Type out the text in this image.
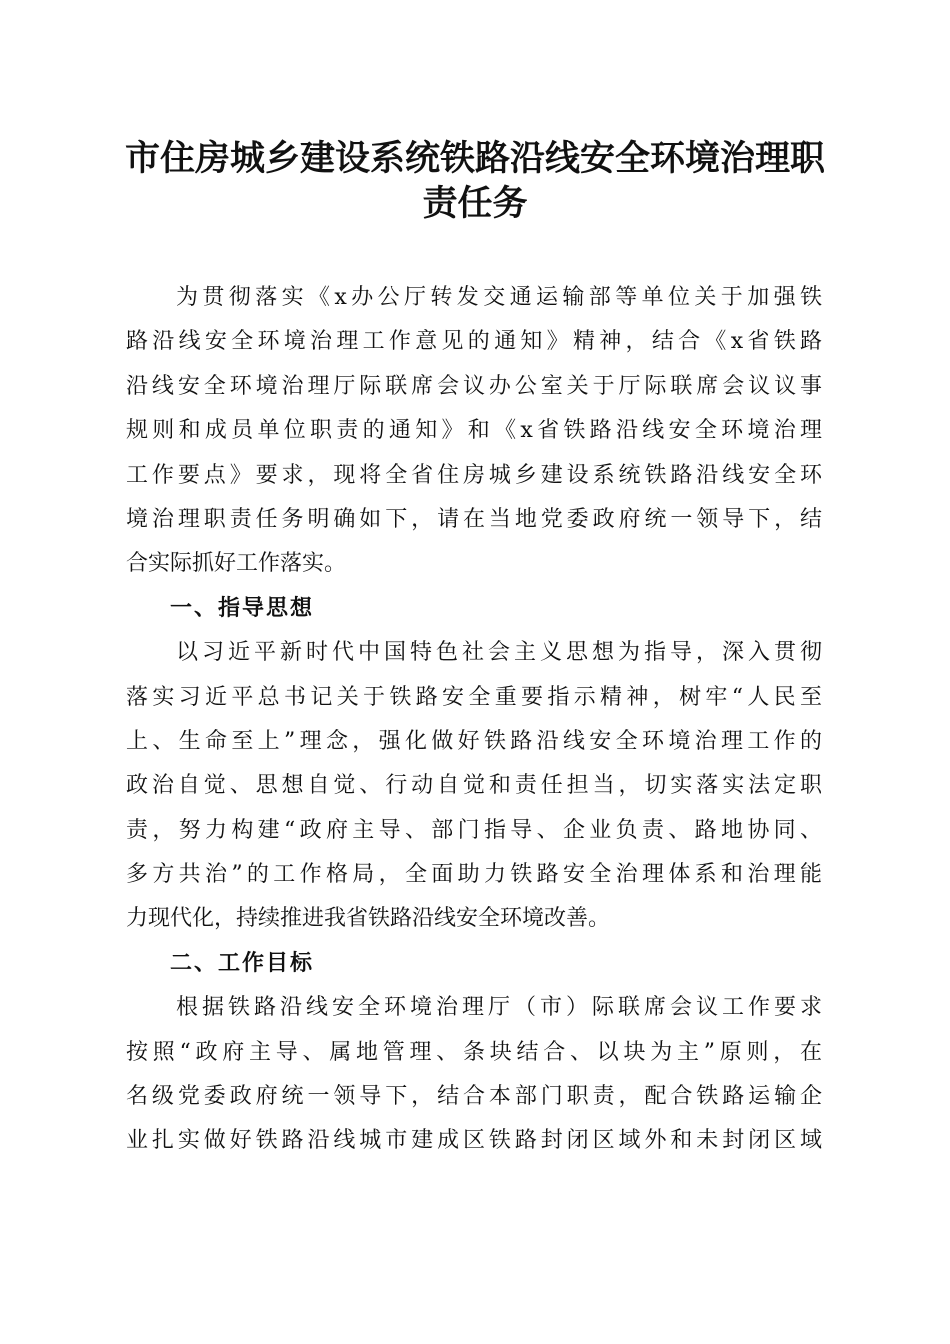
市住房城乡建设系统铁路沿线安全环境治理职
责任务
为贯彻落实《x办公厅转发交通运输部等单位关于加强铁
路沿线安全环境治理工作意见的通知》精神，结合《x省铁路
沿线安全环境治理厅际联席会议办公室关于厅际联席会议议事
规则和成员单位职责的通知》和《x省铁路沿线安全环境治理
工作要点》要求，现将全省住房城乡建设系统铁路沿线安全环
境治理职责任务明确如下，请在当地党委政府统一领导下，结
合实际抓好工作落实。
一、指导思想
以习近平新时代中国特色社会主义思想为指导，深入贯彻
落实习近平总书记关于铁路安全重要指示精神，树牢“人民至
上、生命至上”理念，强化做好铁路沿线安全环境治理工作的
政治自觉、思想自觉、行动自觉和责任担当，切实落实法定职
责，努力构建“政府主导、部门指导、企业负责、路地协同、
多方共治”的工作格局，全面助力铁路安全治理体系和治理能
力现代化，持续推进我省铁路沿线安全环境改善。
二、工作目标
根据铁路沿线安全环境治理厅（市）际联席会议工作要求
按照“政府主导、属地管理、条块结合、以块为主”原则，在
名级党委政府统一领导下，结合本部门职责，配合铁路运输企
业扎实做好铁路沿线城市建成区铁路封闭区域外和未封闭区域
